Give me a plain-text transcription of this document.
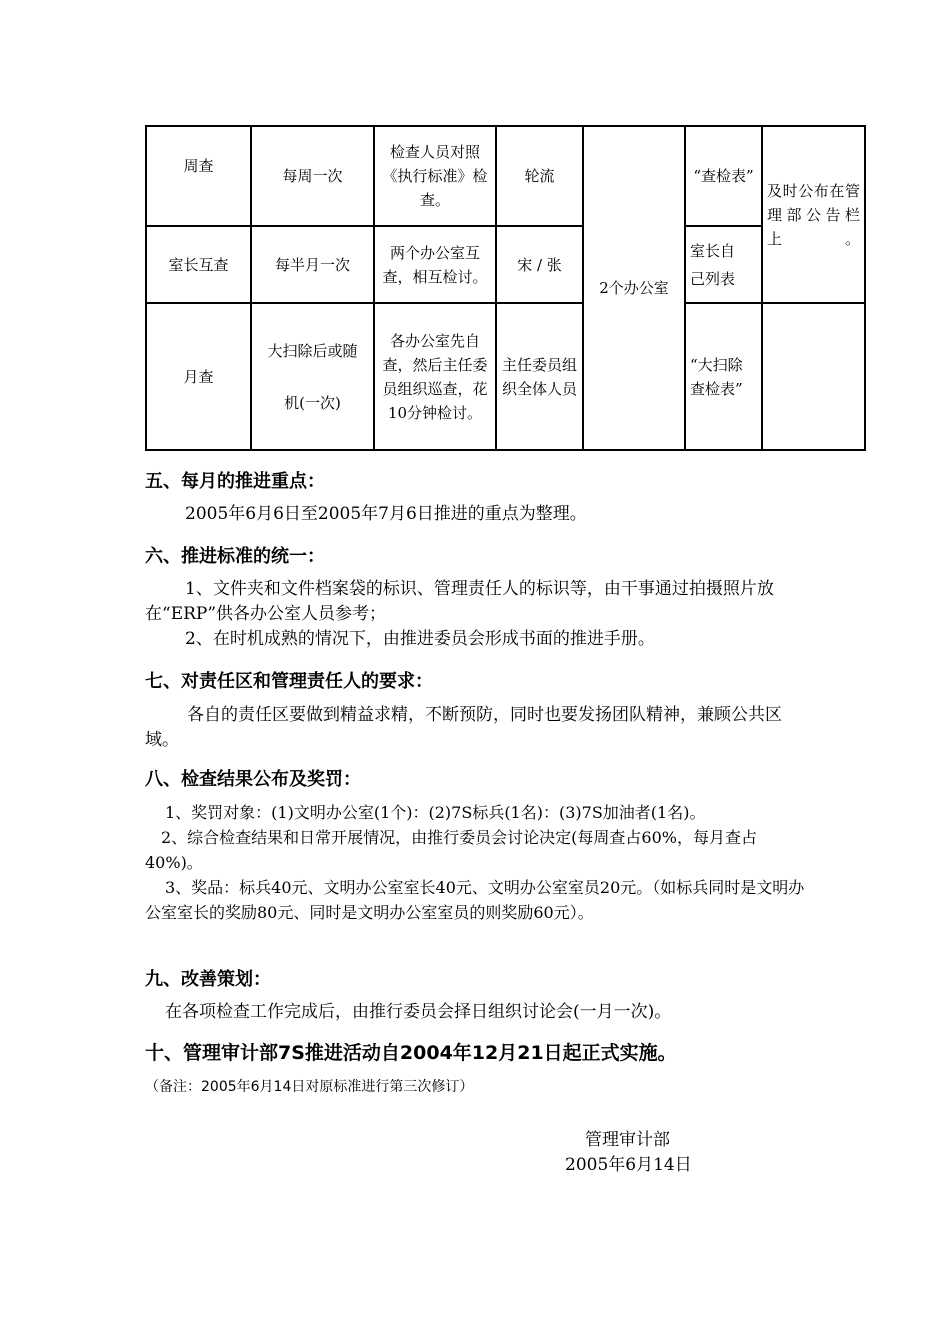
周查	每周一次	检查人员对照《执行标准》检查。	轮流	2个办公室	“查检表”	及时公布在管理部公告栏上。
室长互查	每半月一次	两个办公室互查，相互检讨。	宋 / 张		室长自
己列表	

月查	大扫除后或随
机(一次)	各办公室先自查，然后主任委员组织巡查，花10分钟检讨。	主任委员组织全体人员		“大扫除查检表”	
五、每月的推进重点：
2005年6月6日至2005年7月6日推进的重点为整理。
六、推进标准的统一：
1、文件夹和文件档案袋的标识、管理责任人的标识等，由干事通过拍摄照片放在“ERP”供各办公室人员参考；
2、在时机成熟的情况下，由推进委员会形成书面的推进手册。
七、对责任区和管理责任人的要求：
各自的责任区要做到精益求精，不断预防，同时也要发扬团队精神，兼顾公共区域。
八、检查结果公布及奖罚：
1、奖罚对象：(1)文明办公室(1个)：(2)7S标兵(1名)：(3)7S加油者(1名)。
2、综合检查结果和日常开展情况，由推行委员会讨论决定(每周查占60%，每月查占40%)。
3、奖品：标兵40元、文明办公室室长40元、文明办公室室员20元。（如标兵同时是文明办公室室长的奖励80元、同时是文明办公室室员的则奖励60元）。
九、改善策划：
在各项检查工作完成后，由推行委员会择日组织讨论会(一月一次)。
十、管理审计部7S推进活动自2004年12月21日起正式实施。
（备注：2005年6月14日对原标准进行第三次修订）
管理审计部
2005年6月14日
